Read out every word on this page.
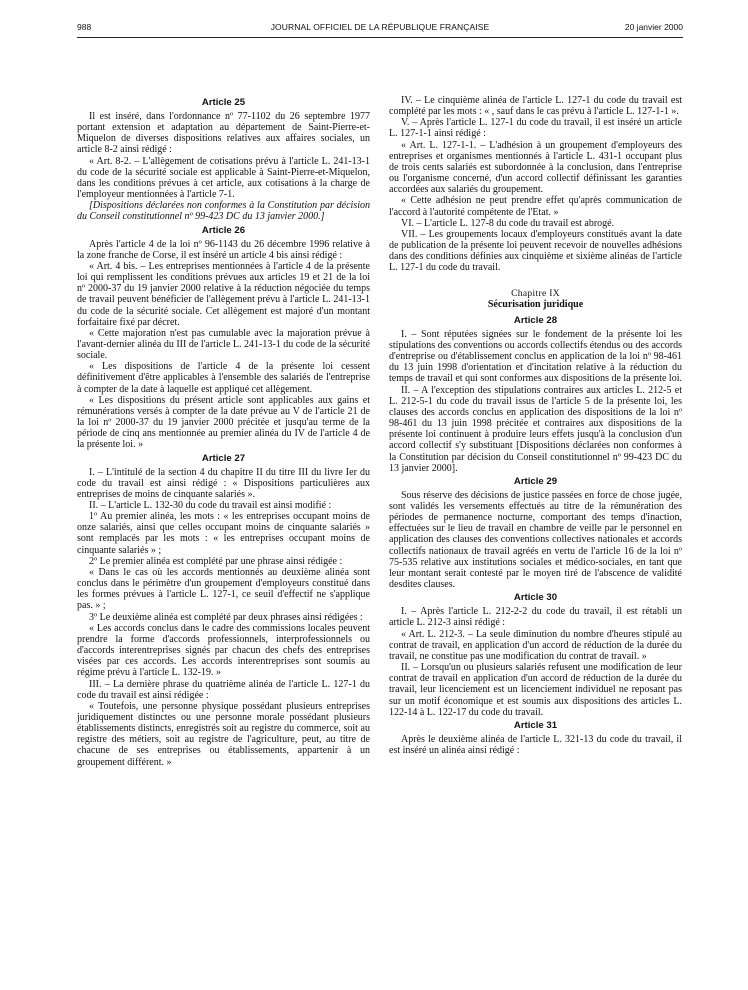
988	JOURNAL OFFICIEL DE LA RÉPUBLIQUE FRANÇAISE	20 janvier 2000
Article 25

Il est inséré, dans l'ordonnance nº 77-1102 du 26 septembre 1977 portant extension et adaptation au département de Saint-Pierre-et-Miquelon de diverses dispositions relatives aux affaires sociales, un article 8-2 ainsi rédigé :

« Art. 8-2. – L'allègement de cotisations prévu à l'article L. 241-13-1 du code de la sécurité sociale est applicable à Saint-Pierre-et-Miquelon, dans les conditions prévues à cet article, aux cotisations à la charge de l'employeur mentionnées à l'article 7-1.

[Dispositions déclarées non conformes à la Constitution par décision du Conseil constitutionnel nº 99-423 DC du 13 janvier 2000.]

Article 26

Après l'article 4 de la loi nº 96-1143 du 26 décembre 1996 relative à la zone franche de Corse, il est inséré un article 4 bis ainsi rédigé :

« Art. 4 bis. – Les entreprises mentionnées à l'article 4 de la présente loi qui remplissent les conditions prévues aux articles 19 et 21 de la loi nº 2000-37 du 19 janvier 2000 relative à la réduction négociée du temps de travail peuvent bénéficier de l'allègement prévu à l'article L. 241-13-1 du code de la sécurité sociale. Cet allègement est majoré d'un montant forfaitaire fixé par décret.

« Cette majoration n'est pas cumulable avec la majoration prévue à l'avant-dernier alinéa du III de l'article L. 241-13-1 du code de la sécurité sociale.

« Les dispositions de l'article 4 de la présente loi cessent définitivement d'être applicables à l'ensemble des salariés de l'entreprise à compter de la date à laquelle est appliqué cet allègement.

« Les dispositions du présent article sont applicables aux gains et rémunérations versés à compter de la date prévue au V de l'article 21 de la loi nº 2000-37 du 19 janvier 2000 précitée et jusqu'au terme de la période de cinq ans mentionnée au premier alinéa du IV de l'article 4 de la présente loi. »

Article 27

I. – L'intitulé de la section 4 du chapitre II du titre III du livre Ier du code du travail est ainsi rédigé : « Dispositions particulières aux entreprises de moins de cinquante salariés ».

II. – L'article L. 132-30 du code du travail est ainsi modifié :

1º Au premier alinéa, les mots : « les entreprises occupant moins de onze salariés, ainsi que celles occupant moins de cinquante salariés » sont remplacés par les mots : « les entreprises occupant moins de cinquante salariés » ;

2º Le premier alinéa est complété par une phrase ainsi rédigée :

« Dans le cas où les accords mentionnés au deuxième alinéa sont conclus dans le périmètre d'un groupement d'employeurs constitué dans les formes prévues à l'article L. 127-1, ce seuil d'effectif ne s'applique pas. » ;

3º Le deuxième alinéa est complété par deux phrases ainsi rédigées :

« Les accords conclus dans le cadre des commissions locales peuvent prendre la forme d'accords professionnels, interprofessionnels ou d'accords interentreprises signés par chacun des chefs des entreprises visées par ces accords. Les accords interentreprises sont soumis au régime prévu à l'article L. 132-19. »

III. – La dernière phrase du quatrième alinéa de l'article L. 127-1 du code du travail est ainsi rédigée :

« Toutefois, une personne physique possédant plusieurs entreprises juridiquement distinctes ou une personne morale possédant plusieurs établissements distincts, enregistrés soit au registre du commerce, soit au registre des métiers, soit au registre de l'agriculture, peut, au titre de chacune de ses entreprises ou établissements, appartenir à un groupement différent. »

IV. – Le cinquième alinéa de l'article L. 127-1 du code du travail est complété par les mots : « , sauf dans le cas prévu à l'article L. 127-1-1 ».

V. – Après l'article L. 127-1 du code du travail, il est inséré un article L. 127-1-1 ainsi rédigé :

« Art. L. 127-1-1. – L'adhésion à un groupement d'employeurs des entreprises et organismes mentionnés à l'article L. 431-1 occupant plus de trois cents salariés est subordonnée à la conclusion, dans l'entreprise ou l'organisme concerné, d'un accord collectif définissant les garanties accordées aux salariés du groupement.

« Cette adhésion ne peut prendre effet qu'après communication de l'accord à l'autorité compétente de l'Etat. »

VI. – L'article L. 127-8 du code du travail est abrogé.

VII. – Les groupements locaux d'employeurs constitués avant la date de publication de la présente loi peuvent recevoir de nouvelles adhésions dans des conditions définies aux cinquième et sixième alinéas de l'article L. 127-1 du code du travail.

Chapitre IX
Sécurisation juridique
Article 28

I. – Sont réputées signées sur le fondement de la présente loi les stipulations des conventions ou accords collectifs étendus ou des accords d'entreprise ou d'établissement conclus en application de la loi nº 98-461 du 13 juin 1998 d'orientation et d'incitation relative à la réduction du temps de travail et qui sont conformes aux dispositions de la présente loi.

II. – A l'exception des stipulations contraires aux articles L. 212-5 et L. 212-5-1 du code du travail issus de l'article 5 de la présente loi, les clauses des accords conclus en application des dispositions de la loi nº 98-461 du 13 juin 1998 précitée et contraires aux dispositions de la présente loi continuent à produire leurs effets jusqu'à la conclusion d'un accord collectif s'y substituant [Dispositions déclarées non conformes à la Constitution par décision du Conseil constitutionnel nº 99-423 DC du 13 janvier 2000].

Article 29

Sous réserve des décisions de justice passées en force de chose jugée, sont validés les versements effectués au titre de la rémunération des périodes de permanence nocturne, comportant des temps d'inaction, effectuées sur le lieu de travail en chambre de veille par le personnel en application des clauses des conventions collectives nationales et accords collectifs nationaux de travail agréés en vertu de l'article 16 de la loi nº 75-535 relative aux institutions sociales et médico-sociales, en tant que leur montant serait contesté par le moyen tiré de l'abscence de validité desdites clauses.

Article 30

I. – Après l'article L. 212-2-2 du code du travail, il est rétabli un article L. 212-3 ainsi rédigé :

« Art. L. 212-3. – La seule diminution du nombre d'heures stipulé au contrat de travail, en application d'un accord de réduction de la durée du travail, ne constitue pas une modification du contrat de travail. »

II. – Lorsqu'un ou plusieurs salariés refusent une modification de leur contrat de travail en application d'un accord de réduction de la durée du travail, leur licenciement est un licenciement individuel ne reposant pas sur un motif économique et est soumis aux dispositions des articles L. 122-14 à L. 122-17 du code du travail.

Article 31

Après le deuxième alinéa de l'article L. 321-13 du code du travail, il est inséré un alinéa ainsi rédigé :
